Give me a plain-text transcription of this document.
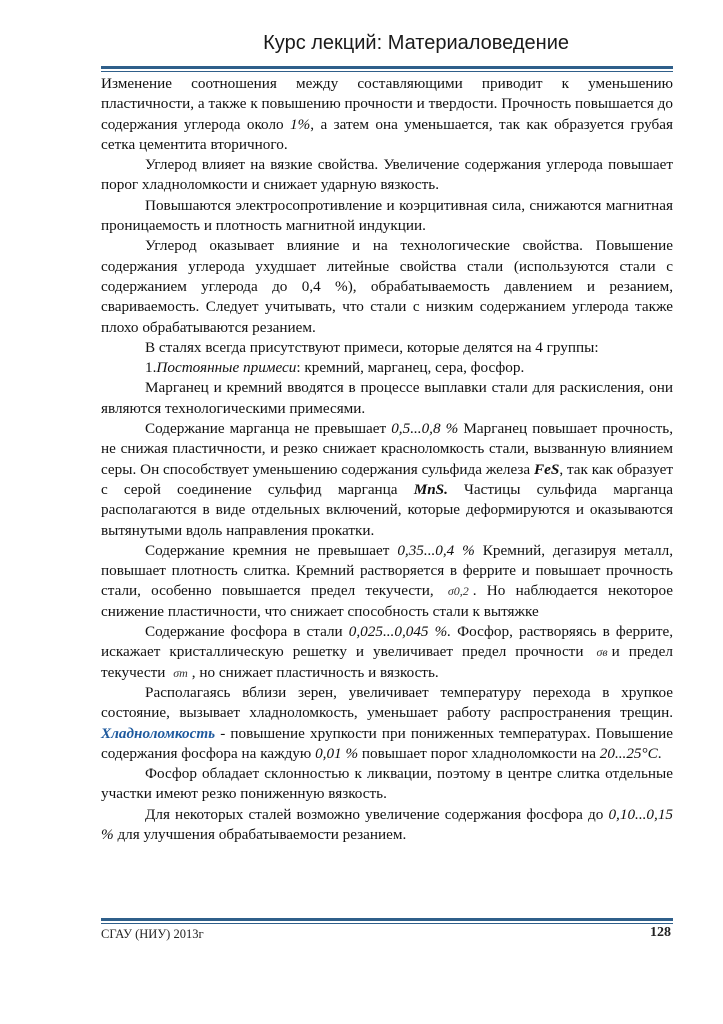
Курс лекций: Материаловедение

Изменение соотношения между составляющими приводит к уменьшению пластичности, а также к повышению прочности и твердости. Прочность повышается до содержания углерода около 1%, а затем она уменьшается, так как образуется грубая сетка цементита вторичного.

Углерод влияет на вязкие свойства. Увеличение содержания углерода повышает порог хладноломкости и снижает ударную вязкость.

Повышаются электросопротивление и коэрцитивная сила, снижаются магнитная проницаемость и плотность магнитной индукции.

Углерод оказывает влияние и на технологические свойства. Повышение содержания углерода ухудшает литейные свойства стали (используются стали с содержанием углерода до 0,4 %), обрабатываемость давлением и резанием, свариваемость. Следует учитывать, что стали с низким содержанием углерода также плохо обрабатываются резанием.

В сталях всегда присутствуют примеси, которые делятся на 4 группы:

1.Постоянные примеси: кремний, марганец, сера, фосфор.

Марганец и кремний вводятся в процессе выплавки стали для раскисления, они являются технологическими примесями.

Содержание марганца не превышает 0,5...0,8 % Марганец повышает прочность, не снижая пластичности, и резко снижает красноломкость стали, вызванную влиянием серы. Он способствует уменьшению содержания сульфида железа FeS, так как образует с серой соединение сульфид марганца MnS. Частицы сульфида марганца располагаются в виде отдельных включений, которые деформируются и оказываются вытянутыми вдоль направления прокатки.

Содержание кремния не превышает 0,35...0,4 % Кремний, дегазируя металл, повышает плотность слитка. Кремний растворяется в феррите и повышает прочность стали, особенно повышается предел текучести, σ0,2 . Но наблюдается некоторое снижение пластичности, что снижает способность стали к вытяжке

Содержание фосфора в стали 0,025...0,045 %. Фосфор, растворяясь в феррите, искажает кристаллическую решетку и увеличивает предел прочности σв и предел текучести σт , но снижает пластичность и вязкость.

Располагаясь вблизи зерен, увеличивает температуру перехода в хрупкое состояние, вызывает хладноломкость, уменьшает работу распространения трещин. Хладноломкость - повышение хрупкости при пониженных температурах. Повышение содержания фосфора на каждую 0,01 % повышает порог хладноломкости на 20...25°C.

Фосфор обладает склонностью к ликвации, поэтому в центре слитка отдельные участки имеют резко пониженную вязкость.

Для некоторых сталей возможно увеличение содержания фосфора до 0,10...0,15 % для улучшения обрабатываемости резанием.

СГАУ (НИУ) 2013г	128
